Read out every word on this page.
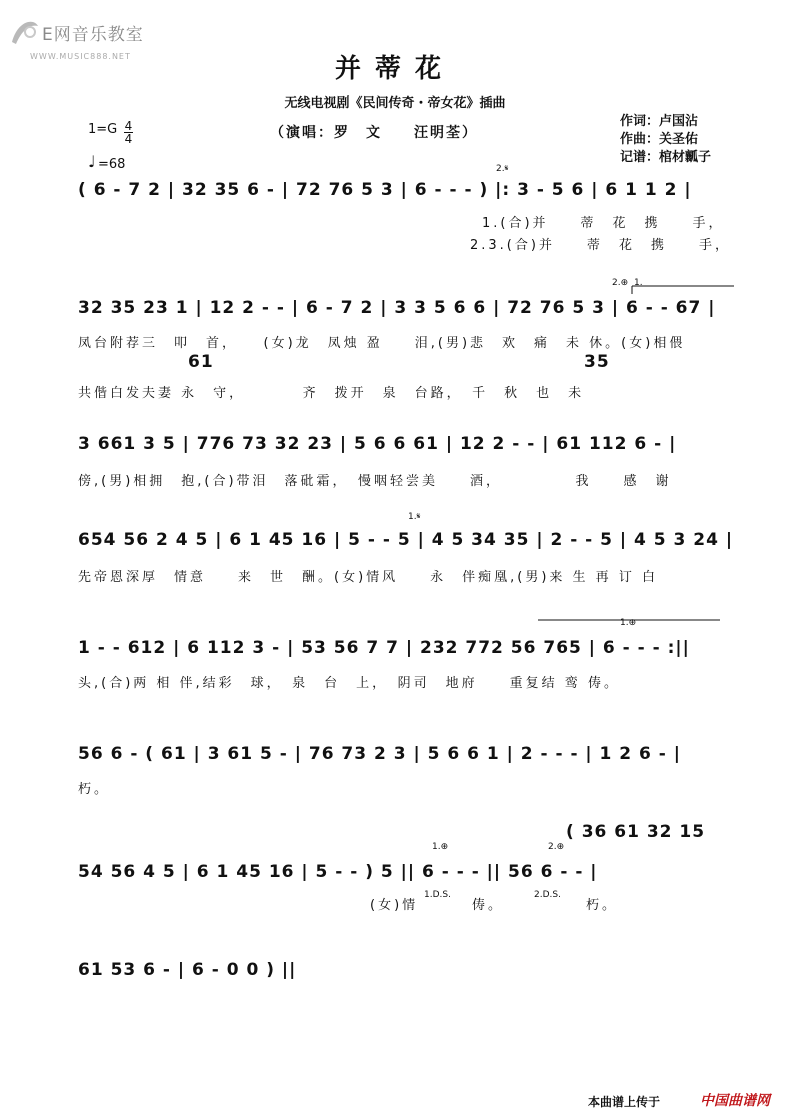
E网音乐教室
WWW.MUSIC888.NET	并蒂花
无线电视剧《民间传奇・帝女花》插曲
（演唱：罗　文　　汪明荃）
作词：卢国沾
作曲：关圣佑
记谱：棺材瓤子
1=G 4
4
♩ =68	2.𝄋
( 6 - 7 2 | 32 35 6 - | 72 76 5 3 | 6 - - - ) |: 3 - 5 6 | 6 1 1 2 |
1.(合)并　　蒂　花　携　　手，
2.3.(合)并　　蒂　花　携　　手，
2.⊕ 1.
32 35 23 1 | 12 2 - - | 6 - 7 2 | 3 3 5 6 6 | 72 76 5 3 | 6 - - 67 |
凤台附荐三　叩　首，　　(女)龙　凤烛 盈　　泪,(男)悲　欢　痛　未 休。(女)相偎
61	35
共偕白发夫妻 永　守，　　　　齐　拨开　泉　台路，　千　秋　也　未
3 661 3 5 | 776 73 32 23 | 5 6 6 61 | 12 2 - - | 61 112 6 - |
傍,(男)相拥　抱,(合)带泪　落砒霜，　慢咽轻尝美　　酒，　　　　　我　　感　谢
1.𝄋
654 56 2 4 5 | 6 1 45 16 | 5 - - 5 | 4 5 34 35 | 2 - - 5 | 4 5 3 24 |
先帝恩深厚　情意　　来　世　酬。(女)情风　　永　伴痴凰,(男)来 生 再 订 白
1.⊕
1 - - 612 | 6 112 3 - | 53 56 7 7 | 232 772 56 765 | 6 - - - :||
头,(合)两 相 伴,结彩　球，　泉　台　上，　阴司　地府　　重复结 鸾 俦。
56 6 - ( 61 | 3 61 5 - | 76 73 2 3 | 5 6 6 1 | 2 - - - | 1 2 6 - |
朽。
( 36 61 32 15
1.⊕	2.⊕
54 56 4 5 | 6 1 45 16 | 5 - - ) 5 || 6 - - - || 56 6 - - |
(女)情
1.D.S.
俦。
2.D.S.
朽。
61 53 6 - | 6 - 0 0 ) ||
本曲谱上传于	中国曲谱网
